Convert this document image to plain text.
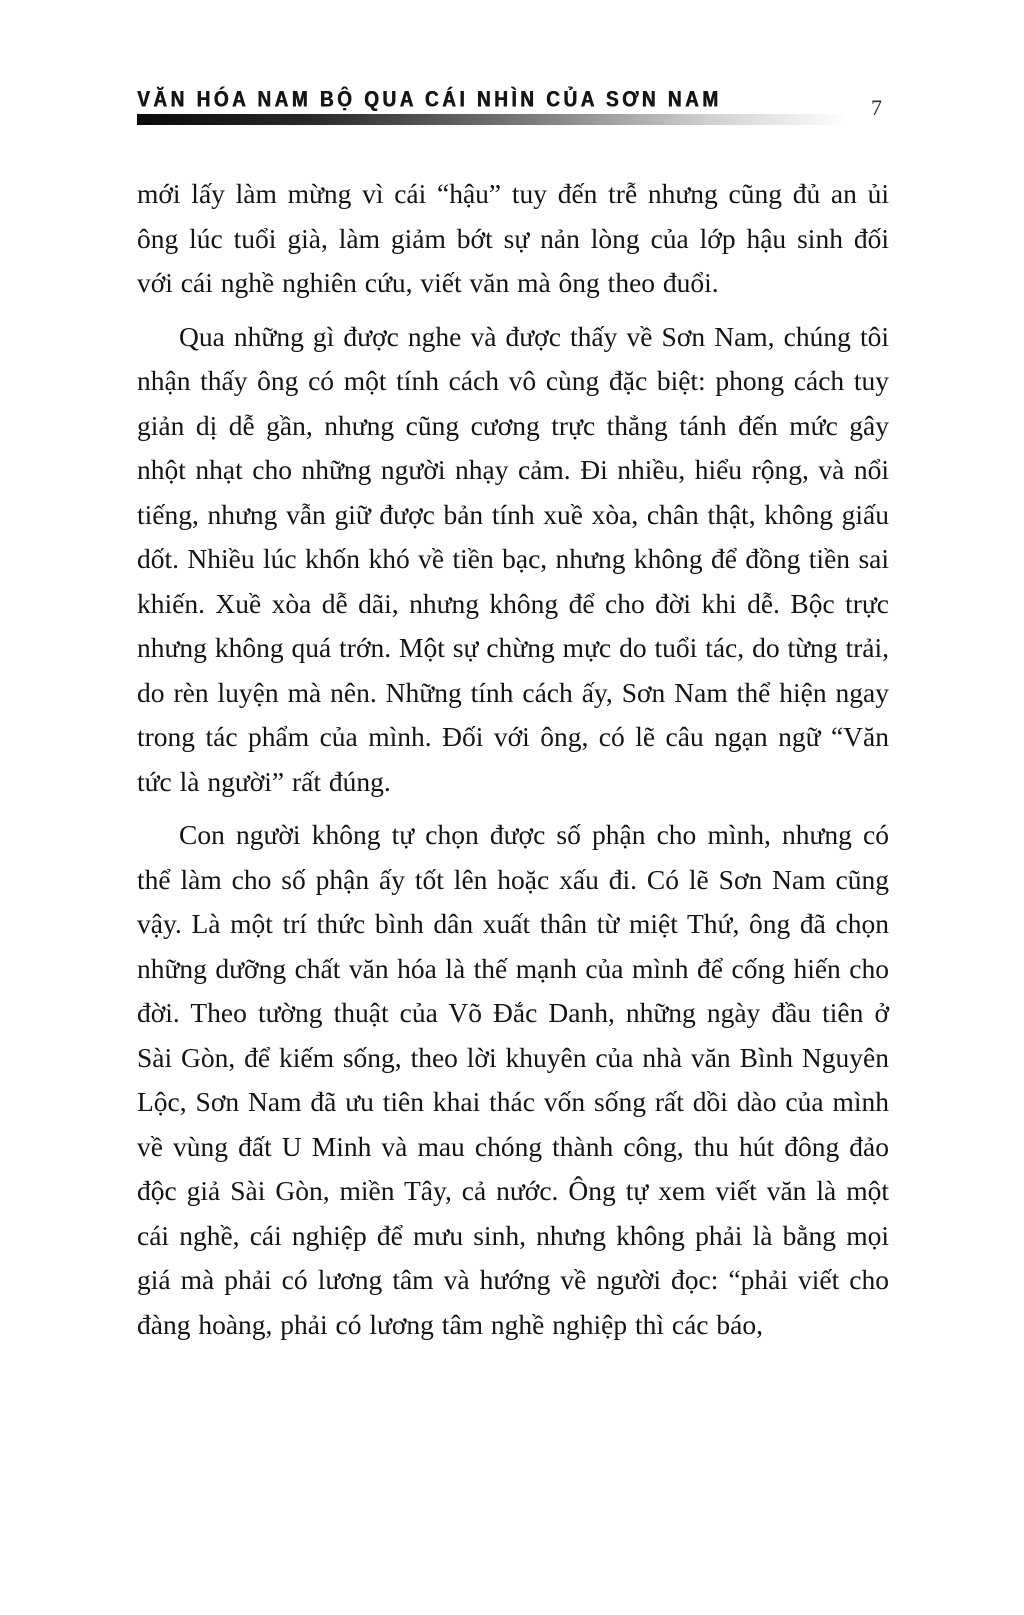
VĂN HÓA NAM BỘ QUA CÁI NHÌN CỦA SƠN NAM	7

mới lấy làm mừng vì cái “hậu” tuy đến trễ nhưng cũng đủ an ủi ông lúc tuổi già, làm giảm bớt sự nản lòng của lớp hậu sinh đối với cái nghề nghiên cứu, viết văn mà ông theo đuổi.

Qua những gì được nghe và được thấy về Sơn Nam, chúng tôi nhận thấy ông có một tính cách vô cùng đặc biệt: phong cách tuy giản dị dễ gần, nhưng cũng cương trực thẳng tánh đến mức gây nhột nhạt cho những người nhạy cảm. Đi nhiều, hiểu rộng, và nổi tiếng, nhưng vẫn giữ được bản tính xuề xòa, chân thật, không giấu dốt. Nhiều lúc khốn khó về tiền bạc, nhưng không để đồng tiền sai khiến. Xuề xòa dễ dãi, nhưng không để cho đời khi dễ. Bộc trực nhưng không quá trớn. Một sự chừng mực do tuổi tác, do từng trải, do rèn luyện mà nên. Những tính cách ấy, Sơn Nam thể hiện ngay trong tác phẩm của mình. Đối với ông, có lẽ câu ngạn ngữ “Văn tức là người” rất đúng.

Con người không tự chọn được số phận cho mình, nhưng có thể làm cho số phận ấy tốt lên hoặc xấu đi. Có lẽ Sơn Nam cũng vậy. Là một trí thức bình dân xuất thân từ miệt Thứ, ông đã chọn những dưỡng chất văn hóa là thế mạnh của mình để cống hiến cho đời. Theo tường thuật của Võ Đắc Danh, những ngày đầu tiên ở Sài Gòn, để kiếm sống, theo lời khuyên của nhà văn Bình Nguyên Lộc, Sơn Nam đã ưu tiên khai thác vốn sống rất dồi dào của mình về vùng đất U Minh và mau chóng thành công, thu hút đông đảo độc giả Sài Gòn, miền Tây, cả nước. Ông tự xem viết văn là một cái nghề, cái nghiệp để mưu sinh, nhưng không phải là bằng mọi giá mà phải có lương tâm và hướng về người đọc: “phải viết cho đàng hoàng, phải có lương tâm nghề nghiệp thì các báo,
